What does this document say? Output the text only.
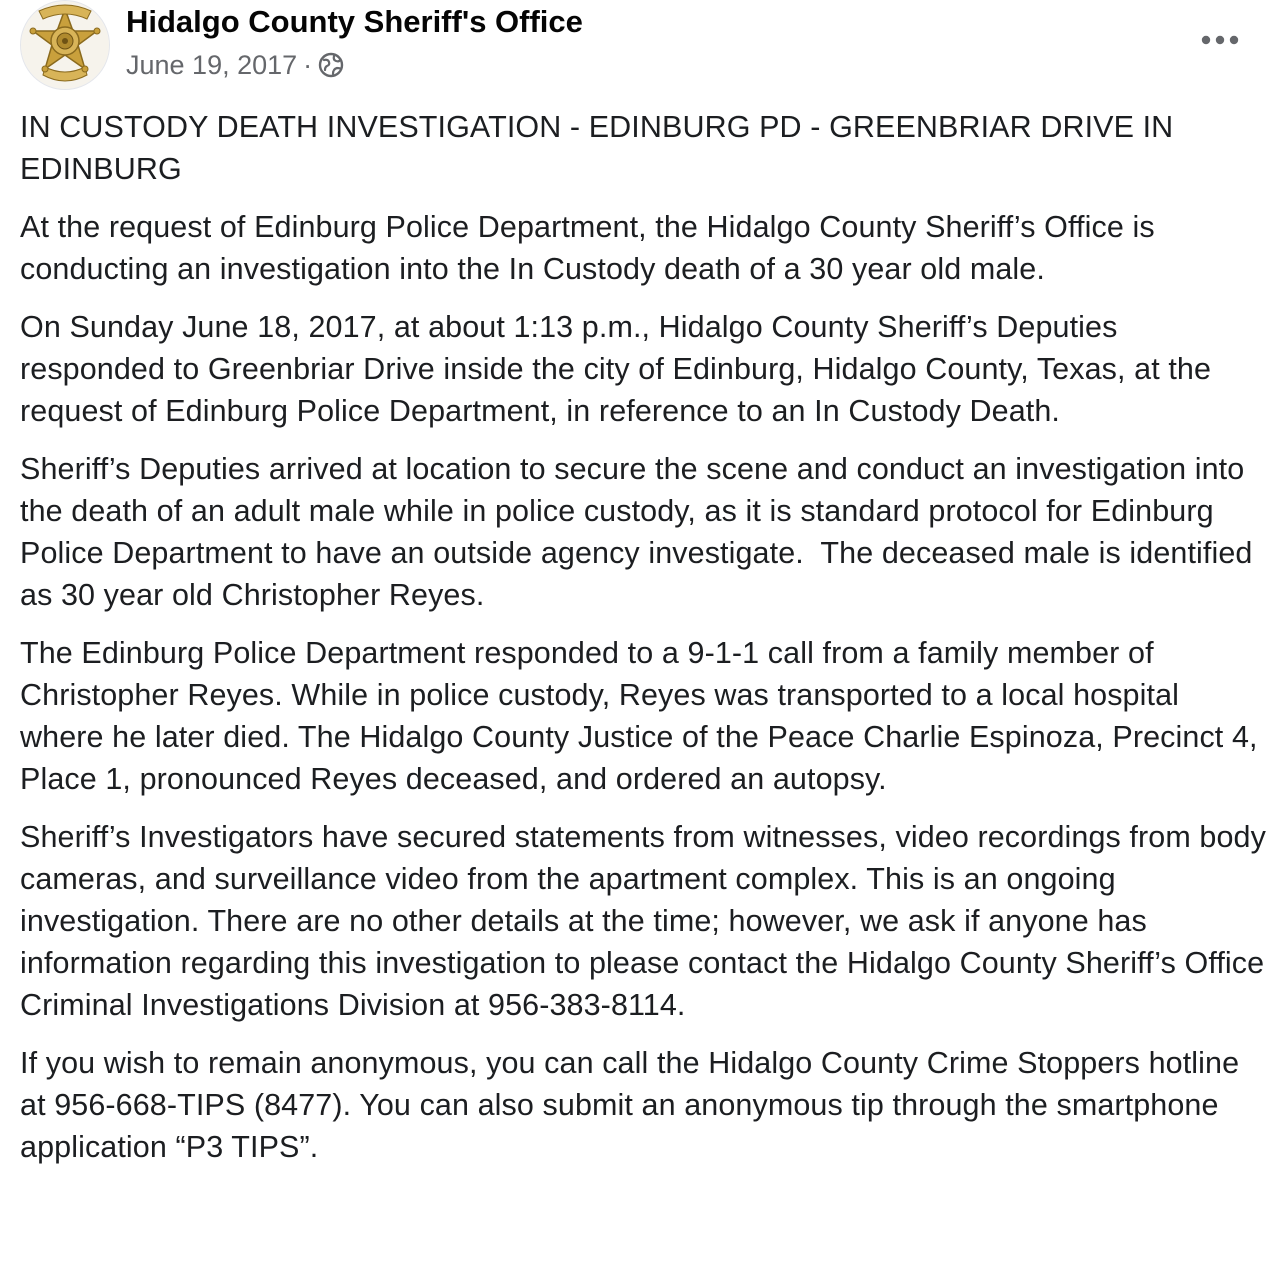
Hidalgo County Sheriff's Office
June 19, 2017 ·

IN CUSTODY DEATH INVESTIGATION - EDINBURG PD - GREENBRIAR DRIVE IN EDINBURG

At the request of Edinburg Police Department, the Hidalgo County Sheriff’s Office is conducting an investigation into the In Custody death of a 30 year old male.

On Sunday June 18, 2017, at about 1:13 p.m., Hidalgo County Sheriff’s Deputies responded to Greenbriar Drive inside the city of Edinburg, Hidalgo County, Texas, at the request of Edinburg Police Department, in reference to an In Custody Death.

Sheriff’s Deputies arrived at location to secure the scene and conduct an investigation into the death of an adult male while in police custody, as it is standard protocol for Edinburg Police Department to have an outside agency investigate.  The deceased male is identified as 30 year old Christopher Reyes.

The Edinburg Police Department responded to a 9-1-1 call from a family member of Christopher Reyes. While in police custody, Reyes was transported to a local hospital where he later died. The Hidalgo County Justice of the Peace Charlie Espinoza, Precinct 4, Place 1, pronounced Reyes deceased, and ordered an autopsy.

Sheriff’s Investigators have secured statements from witnesses, video recordings from body cameras, and surveillance video from the apartment complex. This is an ongoing investigation. There are no other details at the time; however, we ask if anyone has information regarding this investigation to please contact the Hidalgo County Sheriff’s Office Criminal Investigations Division at 956-383-8114.

If you wish to remain anonymous, you can call the Hidalgo County Crime Stoppers hotline at 956-668-TIPS (8477). You can also submit an anonymous tip through the smartphone application “P3 TIPS”.
